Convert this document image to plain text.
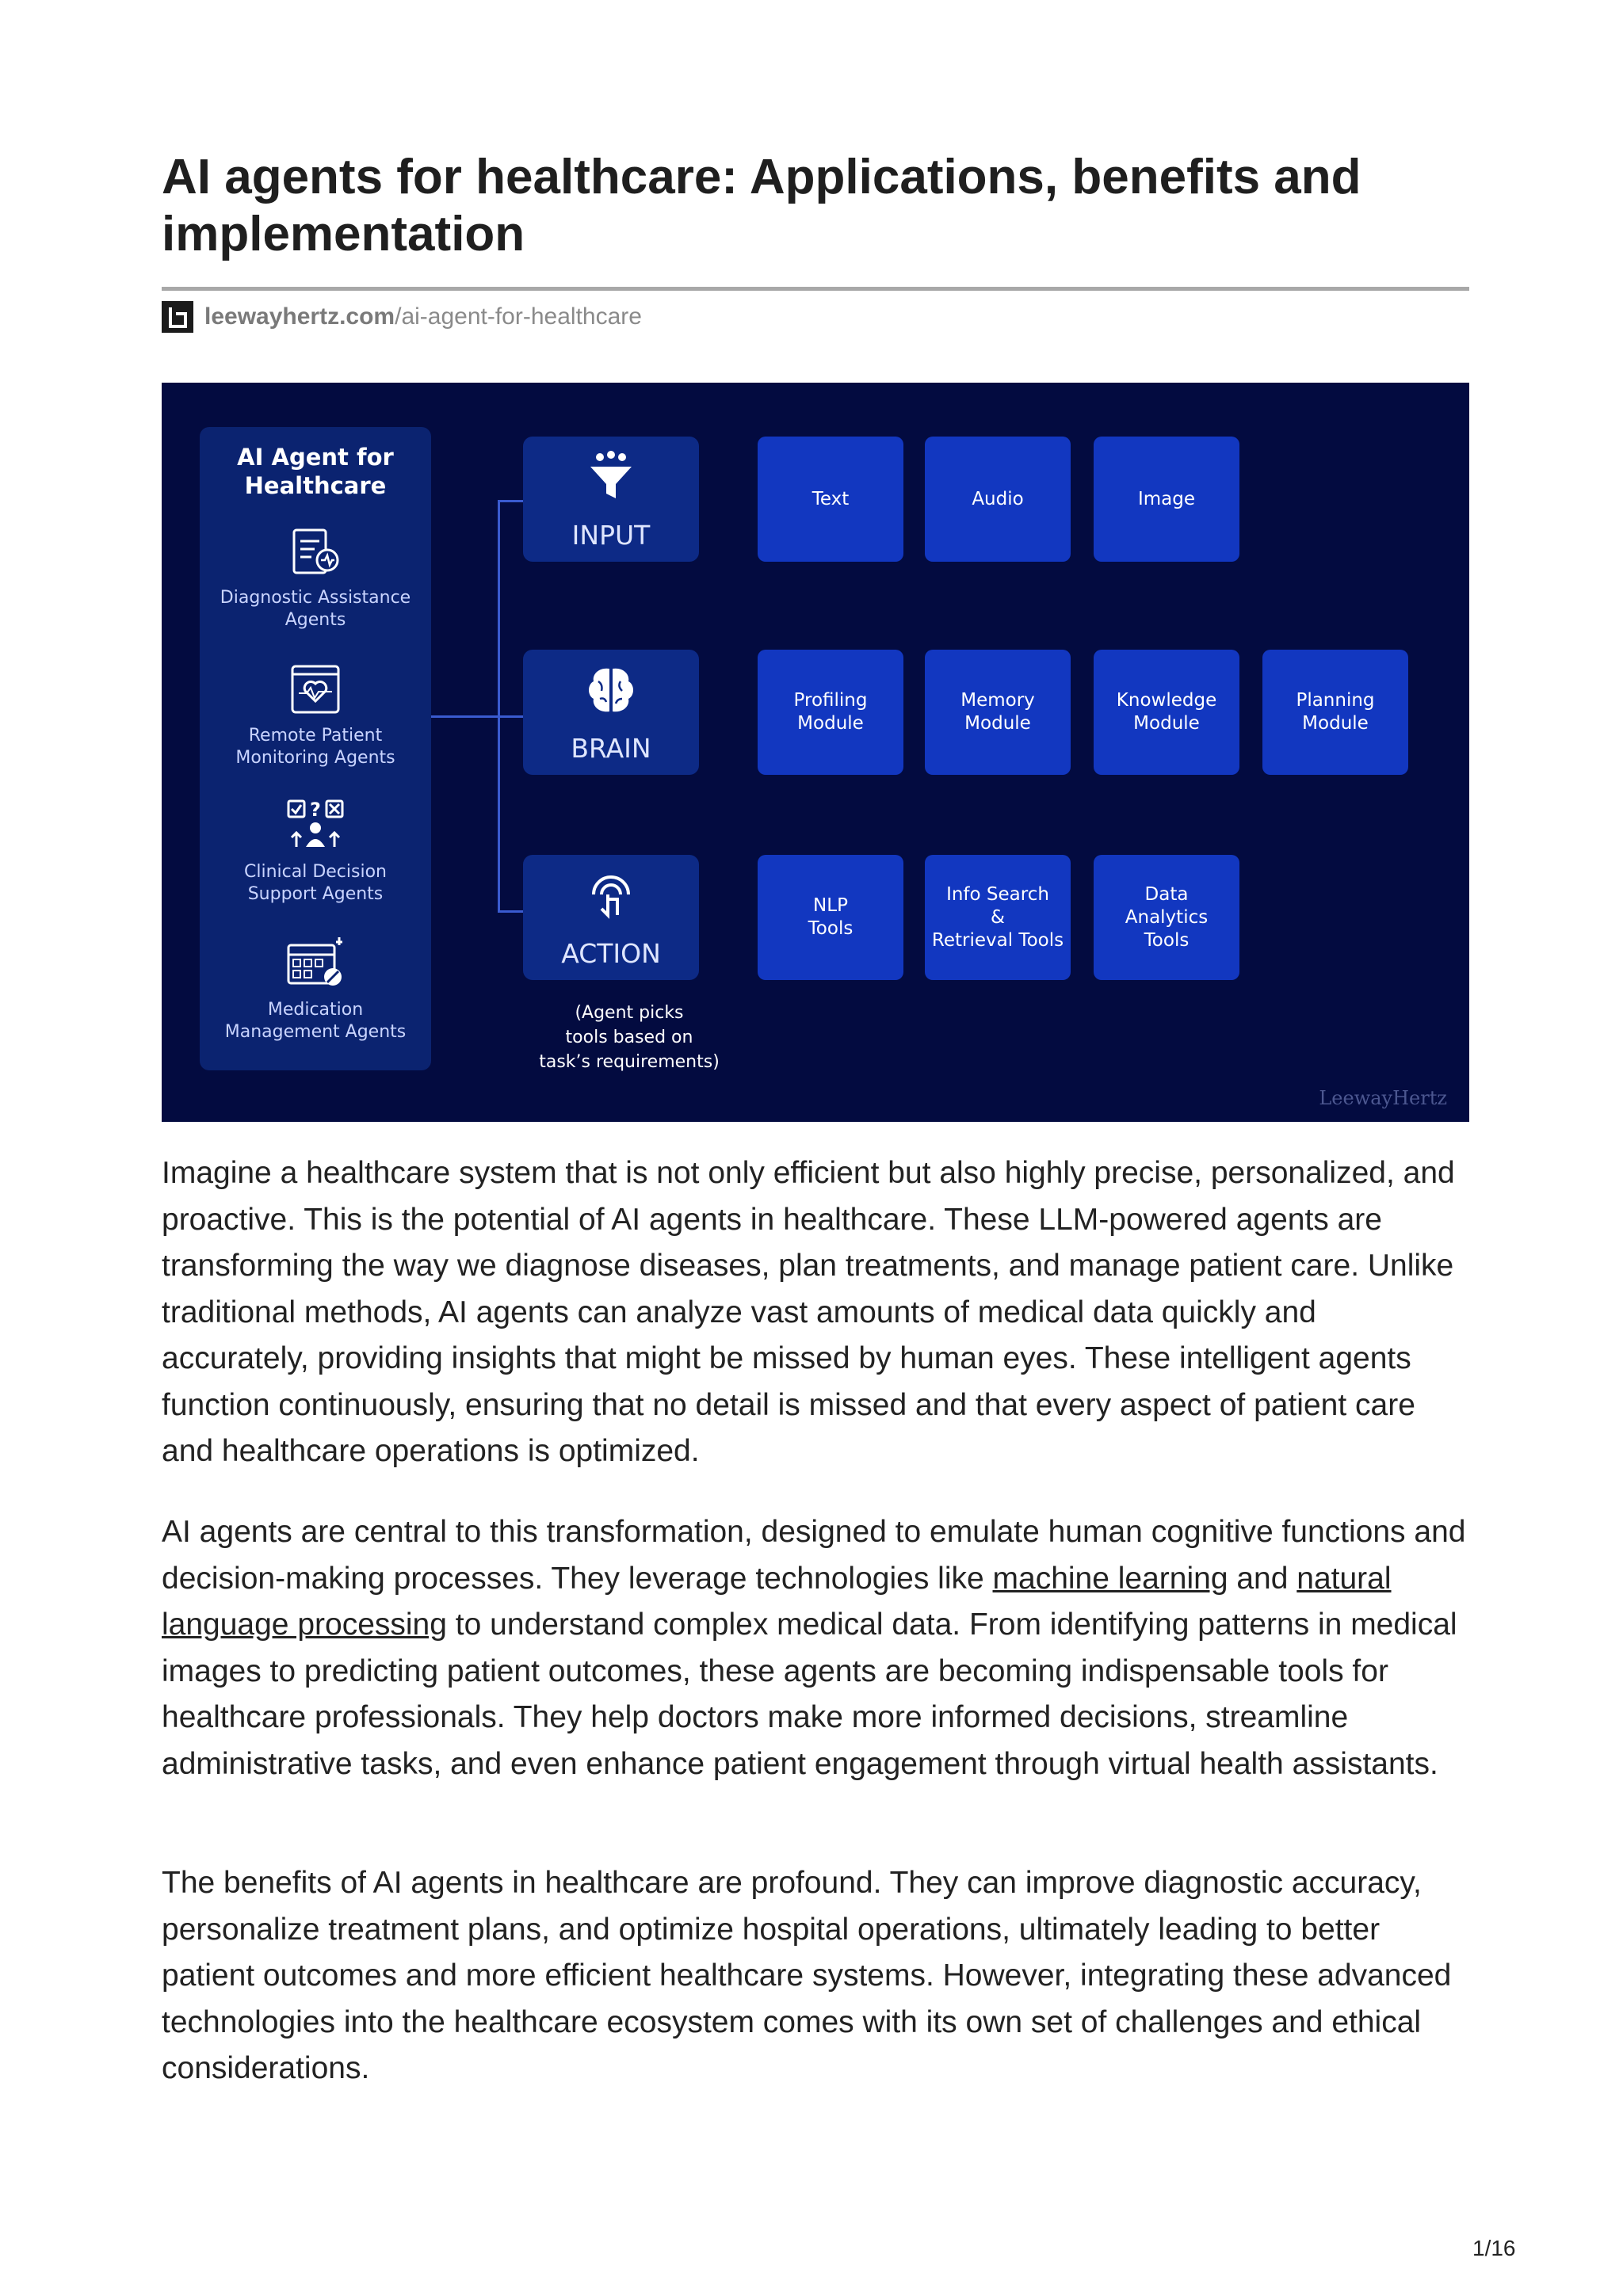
AI agents for healthcare: Applications, benefits and implementation
leewayhertz.com /ai-agent-for-healthcare
AI Agent for
Healthcare
Diagnostic Assistance
Agents
Remote Patient
Monitoring Agents
?
Clinical Decision
Support Agents
Medication
Management Agents
INPUT
Text	Audio	Image
BRAIN
Profiling
Module
Memory
Module
Knowledge
Module
Planning
Module
ACTION
NLP
Tools
Info Search
&
Retrieval Tools
Data
Analytics
Tools
(Agent picks
tools based on
task’s requirements)
LeewayHertz

Imagine a healthcare system that is not only efficient but also highly precise, personalized, and proactive. This is the potential of AI agents in healthcare. These LLM-powered agents are transforming the way we diagnose diseases, plan treatments, and manage patient care. Unlike traditional methods, AI agents can analyze vast amounts of medical data quickly and accurately, providing insights that might be missed by human eyes. These intelligent agents function continuously, ensuring that no detail is missed and that every aspect of patient care and healthcare operations is optimized.

AI agents are central to this transformation, designed to emulate human cognitive functions and decision-making processes. They leverage technologies like machine learning and natural language processing to understand complex medical data. From identifying patterns in medical images to predicting patient outcomes, these agents are becoming indispensable tools for healthcare professionals. They help doctors make more informed decisions, streamline administrative tasks, and even enhance patient engagement through virtual health assistants.

The benefits of AI agents in healthcare are profound. They can improve diagnostic accuracy, personalize treatment plans, and optimize hospital operations, ultimately leading to better patient outcomes and more efficient healthcare systems. However, integrating these advanced technologies into the healthcare ecosystem comes with its own set of challenges and ethical considerations.

1/16
